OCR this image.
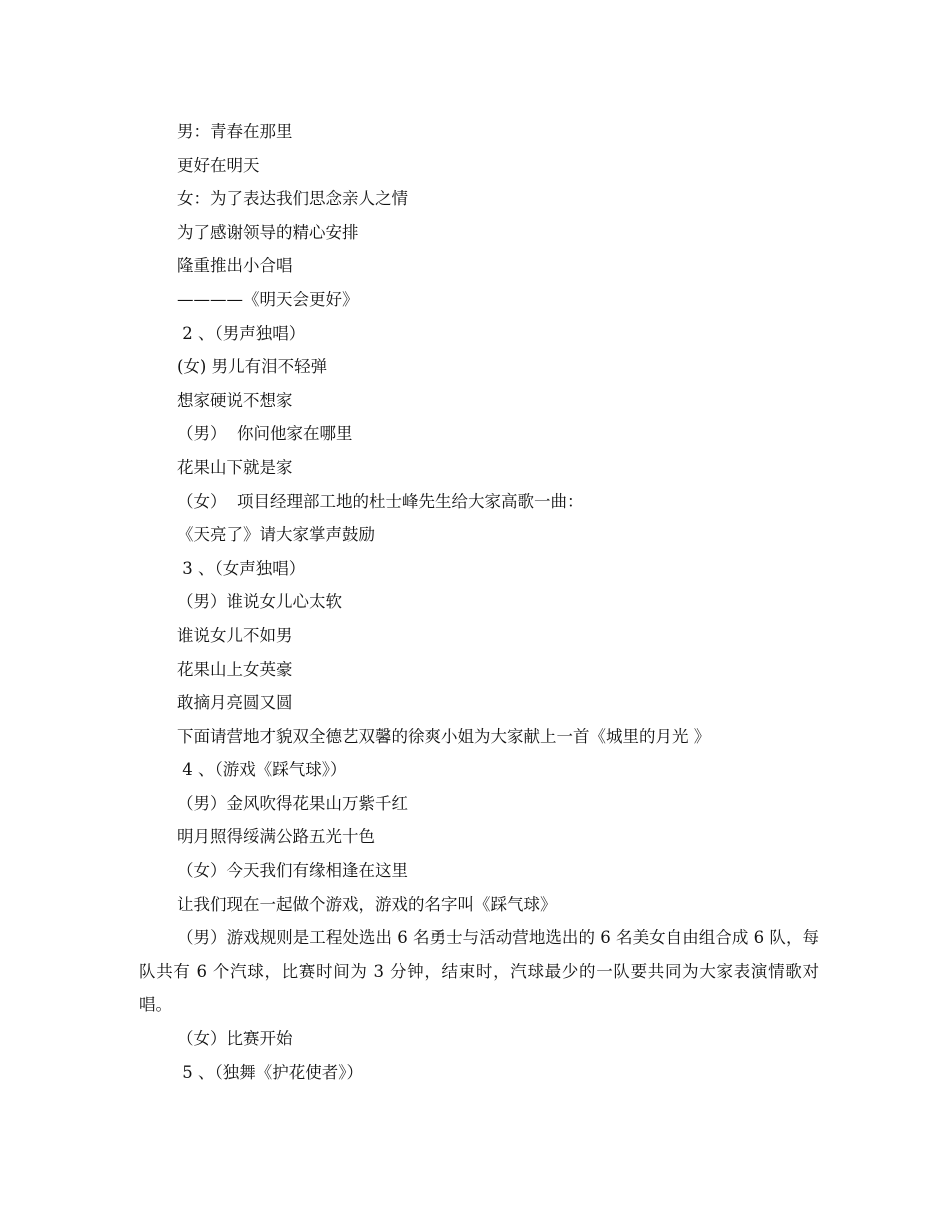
男：青春在那里
更好在明天
女：为了表达我们思念亲人之情
为了感谢领导的精心安排
隆重推出小合唱
————《明天会更好》
2 、（男声独唱）
(女) 男儿有泪不轻弹
想家硬说不想家
（男）  你问他家在哪里
花果山下就是家
（女）  项目经理部工地的杜士峰先生给大家高歌一曲：
《天亮了》请大家掌声鼓励
3 、（女声独唱）
（男）谁说女儿心太软
谁说女儿不如男
花果山上女英豪
敢摘月亮圆又圆
下面请营地才貌双全德艺双馨的徐爽小姐为大家献上一首《城里的月光 》
4 、（游戏《踩气球》）
（男）金风吹得花果山万紫千红
明月照得绥满公路五光十色
（女）今天我们有缘相逢在这里
让我们现在一起做个游戏，游戏的名字叫《踩气球》
（男）游戏规则是工程处选出 6 名勇士与活动营地选出的 6 名美女自由组合成 6 队，每队共有 6 个汽球，比赛时间为 3 分钟，结束时，汽球最少的一队要共同为大家表演情歌对唱。
（女）比赛开始
5 、（独舞《护花使者》）
